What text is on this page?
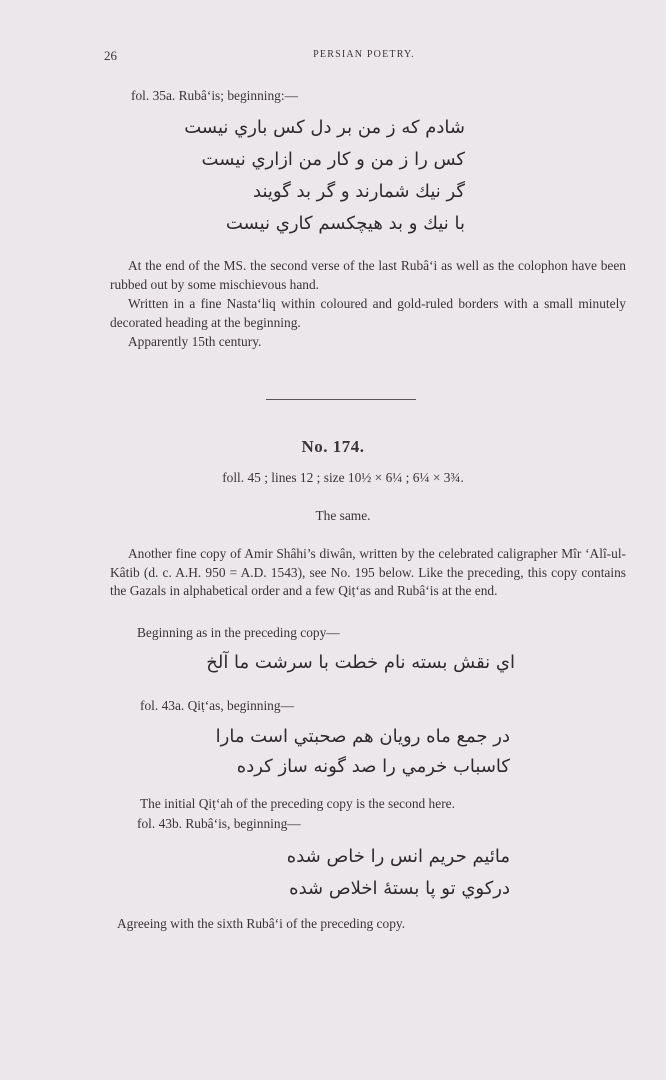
26	PERSIAN POETRY.
fol. 35a. Rubâ‘is; beginning:—
شادم که ز من بر دل کس باري نیست
کس را ز من و کار من ازاري نیست
گر نیك شمارند و گر بد گویند
با نیك و بد هیچکسم کاري نیست

At the end of the MS. the second verse of the last Rubâ‘i as well as the colophon have been rubbed out by some mischievous hand.

Written in a fine Nasta‘liq within coloured and gold-ruled borders with a small minutely decorated heading at the beginning.

Apparently 15th century.

No. 174.
foll. 45 ; lines 12 ; size 10½ × 6¼ ; 6¼ × 3¾.
The same.

Another fine copy of Amir Shâhi’s diwân, written by the celebrated caligrapher Mîr ‘Alî-ul-Kâtib (d. c. A.H. 950 = A.D. 1543), see No. 195 below. Like the preceding, this copy contains the Gazals in alphabetical order and a few Qiṭ‘as and Rubâ‘is at the end.

Beginning as in the preceding copy—
اي نقش بسته نام خطت با سرشت ما آلخ
fol. 43a. Qiṭ‘as, beginning—
در جمع ماه رویان هم صحبتي است مارا
کاسباب خرمي را صد گونه ساز کرده
The initial Qiṭ‘ah of the preceding copy is the second here.
fol. 43b. Rubâ‘is, beginning—
مائیم حریم انس را خاص شده
درکوي تو پا بستهٔ اخلاص شده
Agreeing with the sixth Rubâ‘i of the preceding copy.
